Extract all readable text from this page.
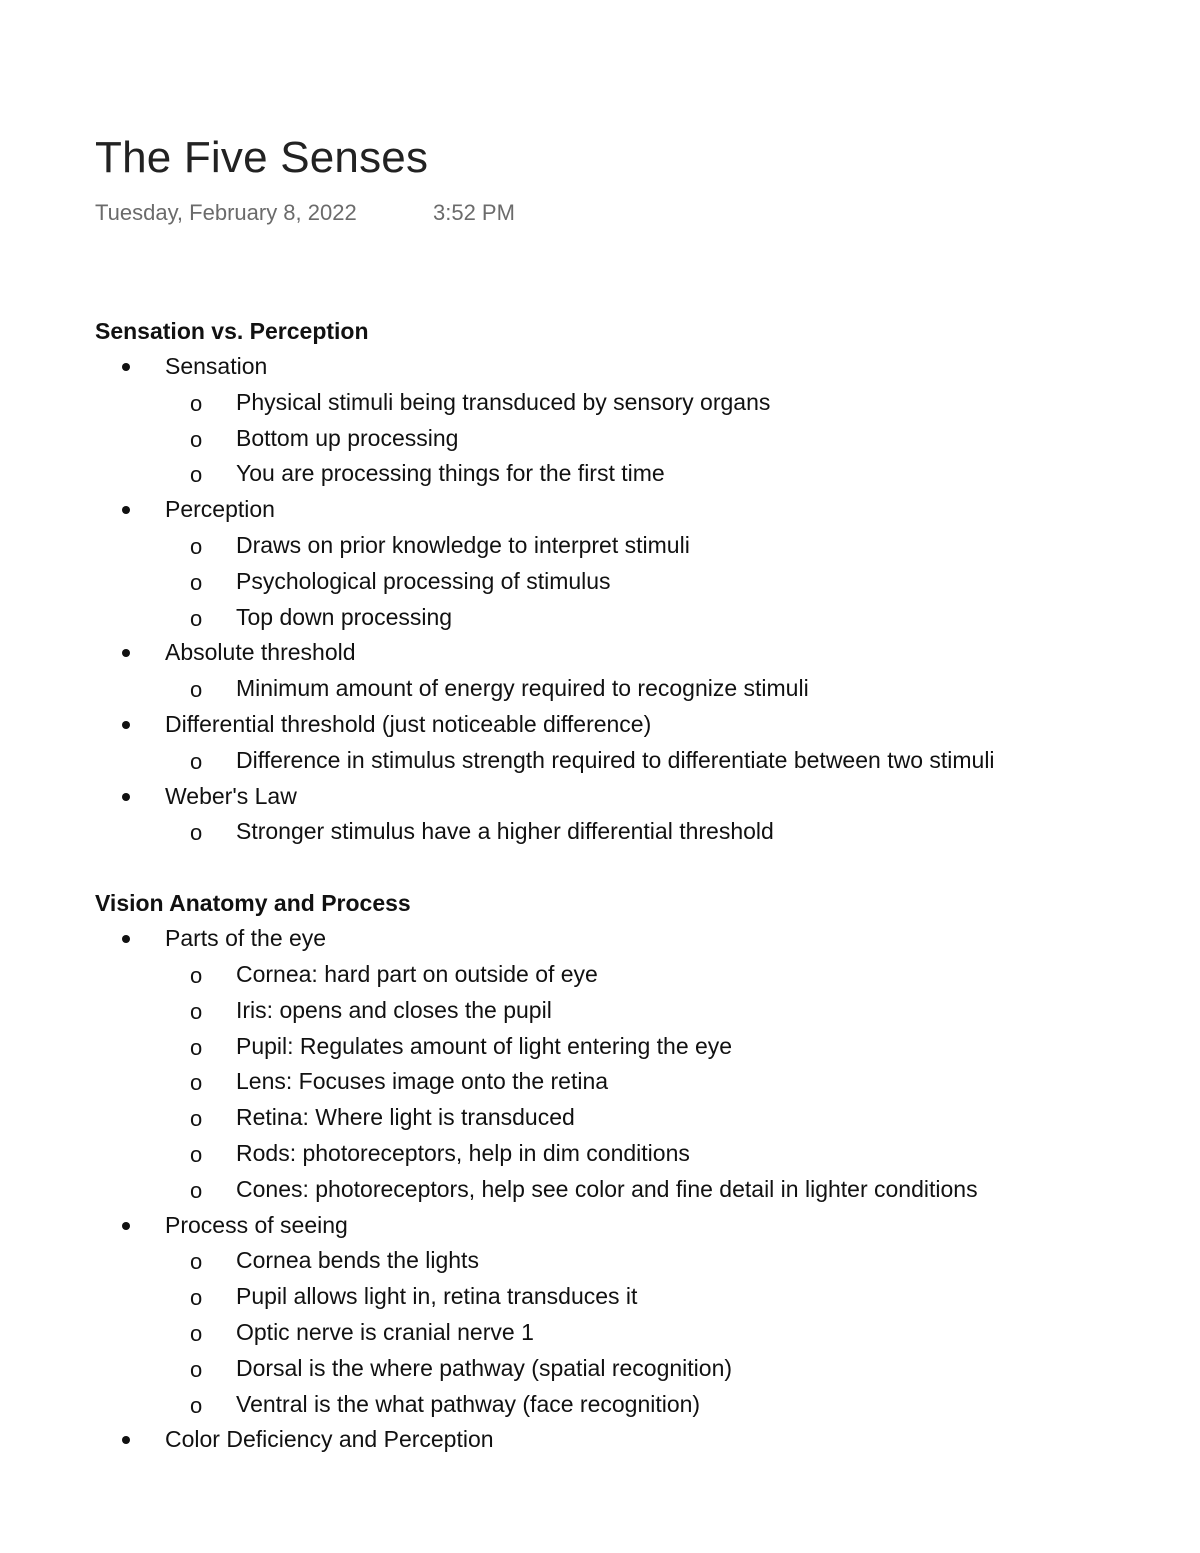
The Five Senses
Tuesday, February 8, 2022	3:52 PM

Sensation vs. Perception

Sensation
o Physical stimuli being transduced by sensory organs
o Bottom up processing
o You are processing things for the first time
Perception
o Draws on prior knowledge to interpret stimuli
o Psychological processing of stimulus
o Top down processing
Absolute threshold
o Minimum amount of energy required to recognize stimuli
Differential threshold (just noticeable difference)
o Difference in stimulus strength required to differentiate between two stimuli
Weber's Law
o Stronger stimulus have a higher differential threshold

Vision Anatomy and Process

Parts of the eye
o Cornea: hard part on outside of eye
o Iris: opens and closes the pupil
o Pupil: Regulates amount of light entering the eye
o Lens: Focuses image onto the retina
o Retina: Where light is transduced
o Rods: photoreceptors, help in dim conditions
o Cones: photoreceptors, help see color and fine detail in lighter conditions
Process of seeing
o Cornea bends the lights
o Pupil allows light in, retina transduces it
o Optic nerve is cranial nerve 1
o Dorsal is the where pathway (spatial recognition)
o Ventral is the what pathway (face recognition)
Color Deficiency and Perception
